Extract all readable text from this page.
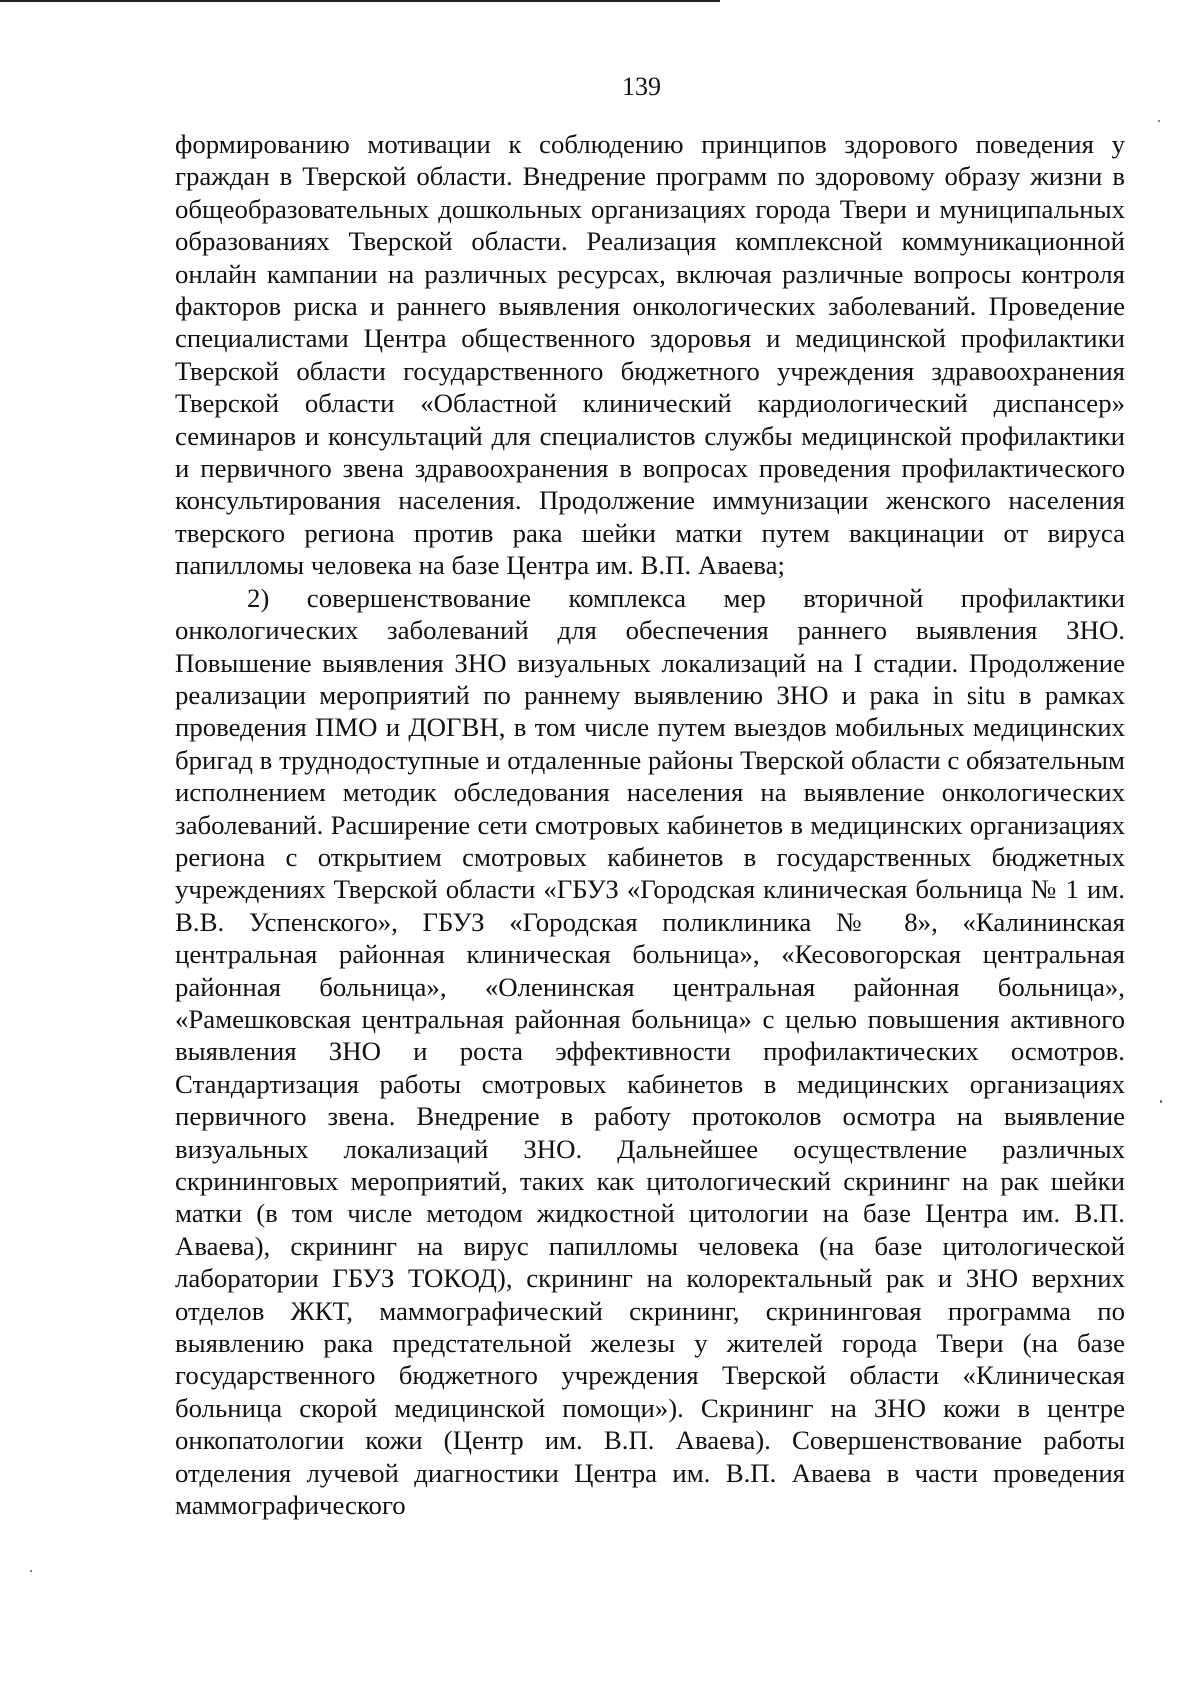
139

формированию мотивации к соблюдению принципов здорового поведения у граждан в Тверской области. Внедрение программ по здоровому образу жизни в общеобразовательных дошкольных организациях города Твери и муниципальных образованиях Тверской области. Реализация комплексной коммуникационной онлайн кампании на различных ресурсах, включая различные вопросы контроля факторов риска и раннего выявления онкологических заболеваний. Проведение специалистами Центра общественного здоровья и медицинской профилактики Тверской области государственного бюджетного учреждения здравоохранения Тверской области «Областной клинический кардиологический диспансер» семинаров и консультаций для специалистов службы медицинской профилактики и первичного звена здравоохранения в вопросах проведения профилактического консультирования населения. Продолжение иммунизации женского населения тверского региона против рака шейки матки путем вакцинации от вируса папилломы человека на базе Центра им. В.П. Аваева;

2) совершенствование комплекса мер вторичной профилактики онкологических заболеваний для обеспечения раннего выявления ЗНО. Повышение выявления ЗНО визуальных локализаций на I стадии. Продолжение реализации мероприятий по раннему выявлению ЗНО и рака in situ в рамках проведения ПМО и ДОГВН, в том числе путем выездов мобильных медицинских бригад в труднодоступные и отдаленные районы Тверской области с обязательным исполнением методик обследования населения на выявление онкологических заболеваний. Расширение сети смотровых кабинетов в медицинских организациях региона с открытием смотровых кабинетов в государственных бюджетных учреждениях Тверской области «ГБУЗ «Городская клиническая больница № 1 им. В.В. Успенского», ГБУЗ «Городская поликлиника № 8», «Калининская центральная районная клиническая больница», «Кесовогорская центральная районная больница», «Оленинская центральная районная больница», «Рамешковская центральная районная больница» с целью повышения активного выявления ЗНО и роста эффективности профилактических осмотров. Стандартизация работы смотровых кабинетов в медицинских организациях первичного звена. Внедрение в работу протоколов осмотра на выявление визуальных локализаций ЗНО. Дальнейшее осуществление различных скрининговых мероприятий, таких как цитологический скрининг на рак шейки матки (в том числе методом жидкостной цитологии на базе Центра им. В.П. Аваева), скрининг на вирус папилломы человека (на базе цитологической лаборатории ГБУЗ ТОКОД), скрининг на колоректальный рак и ЗНО верхних отделов ЖКТ, маммографический скрининг, скрининговая программа по выявлению рака предстательной железы у жителей города Твери (на базе государственного бюджетного учреждения Тверской области «Клиническая больница скорой медицинской помощи»). Скрининг на ЗНО кожи в центре онкопатологии кожи (Центр им. В.П. Аваева). Совершенствование работы отделения лучевой диагностики Центра им. В.П. Аваева в части проведения маммографического
